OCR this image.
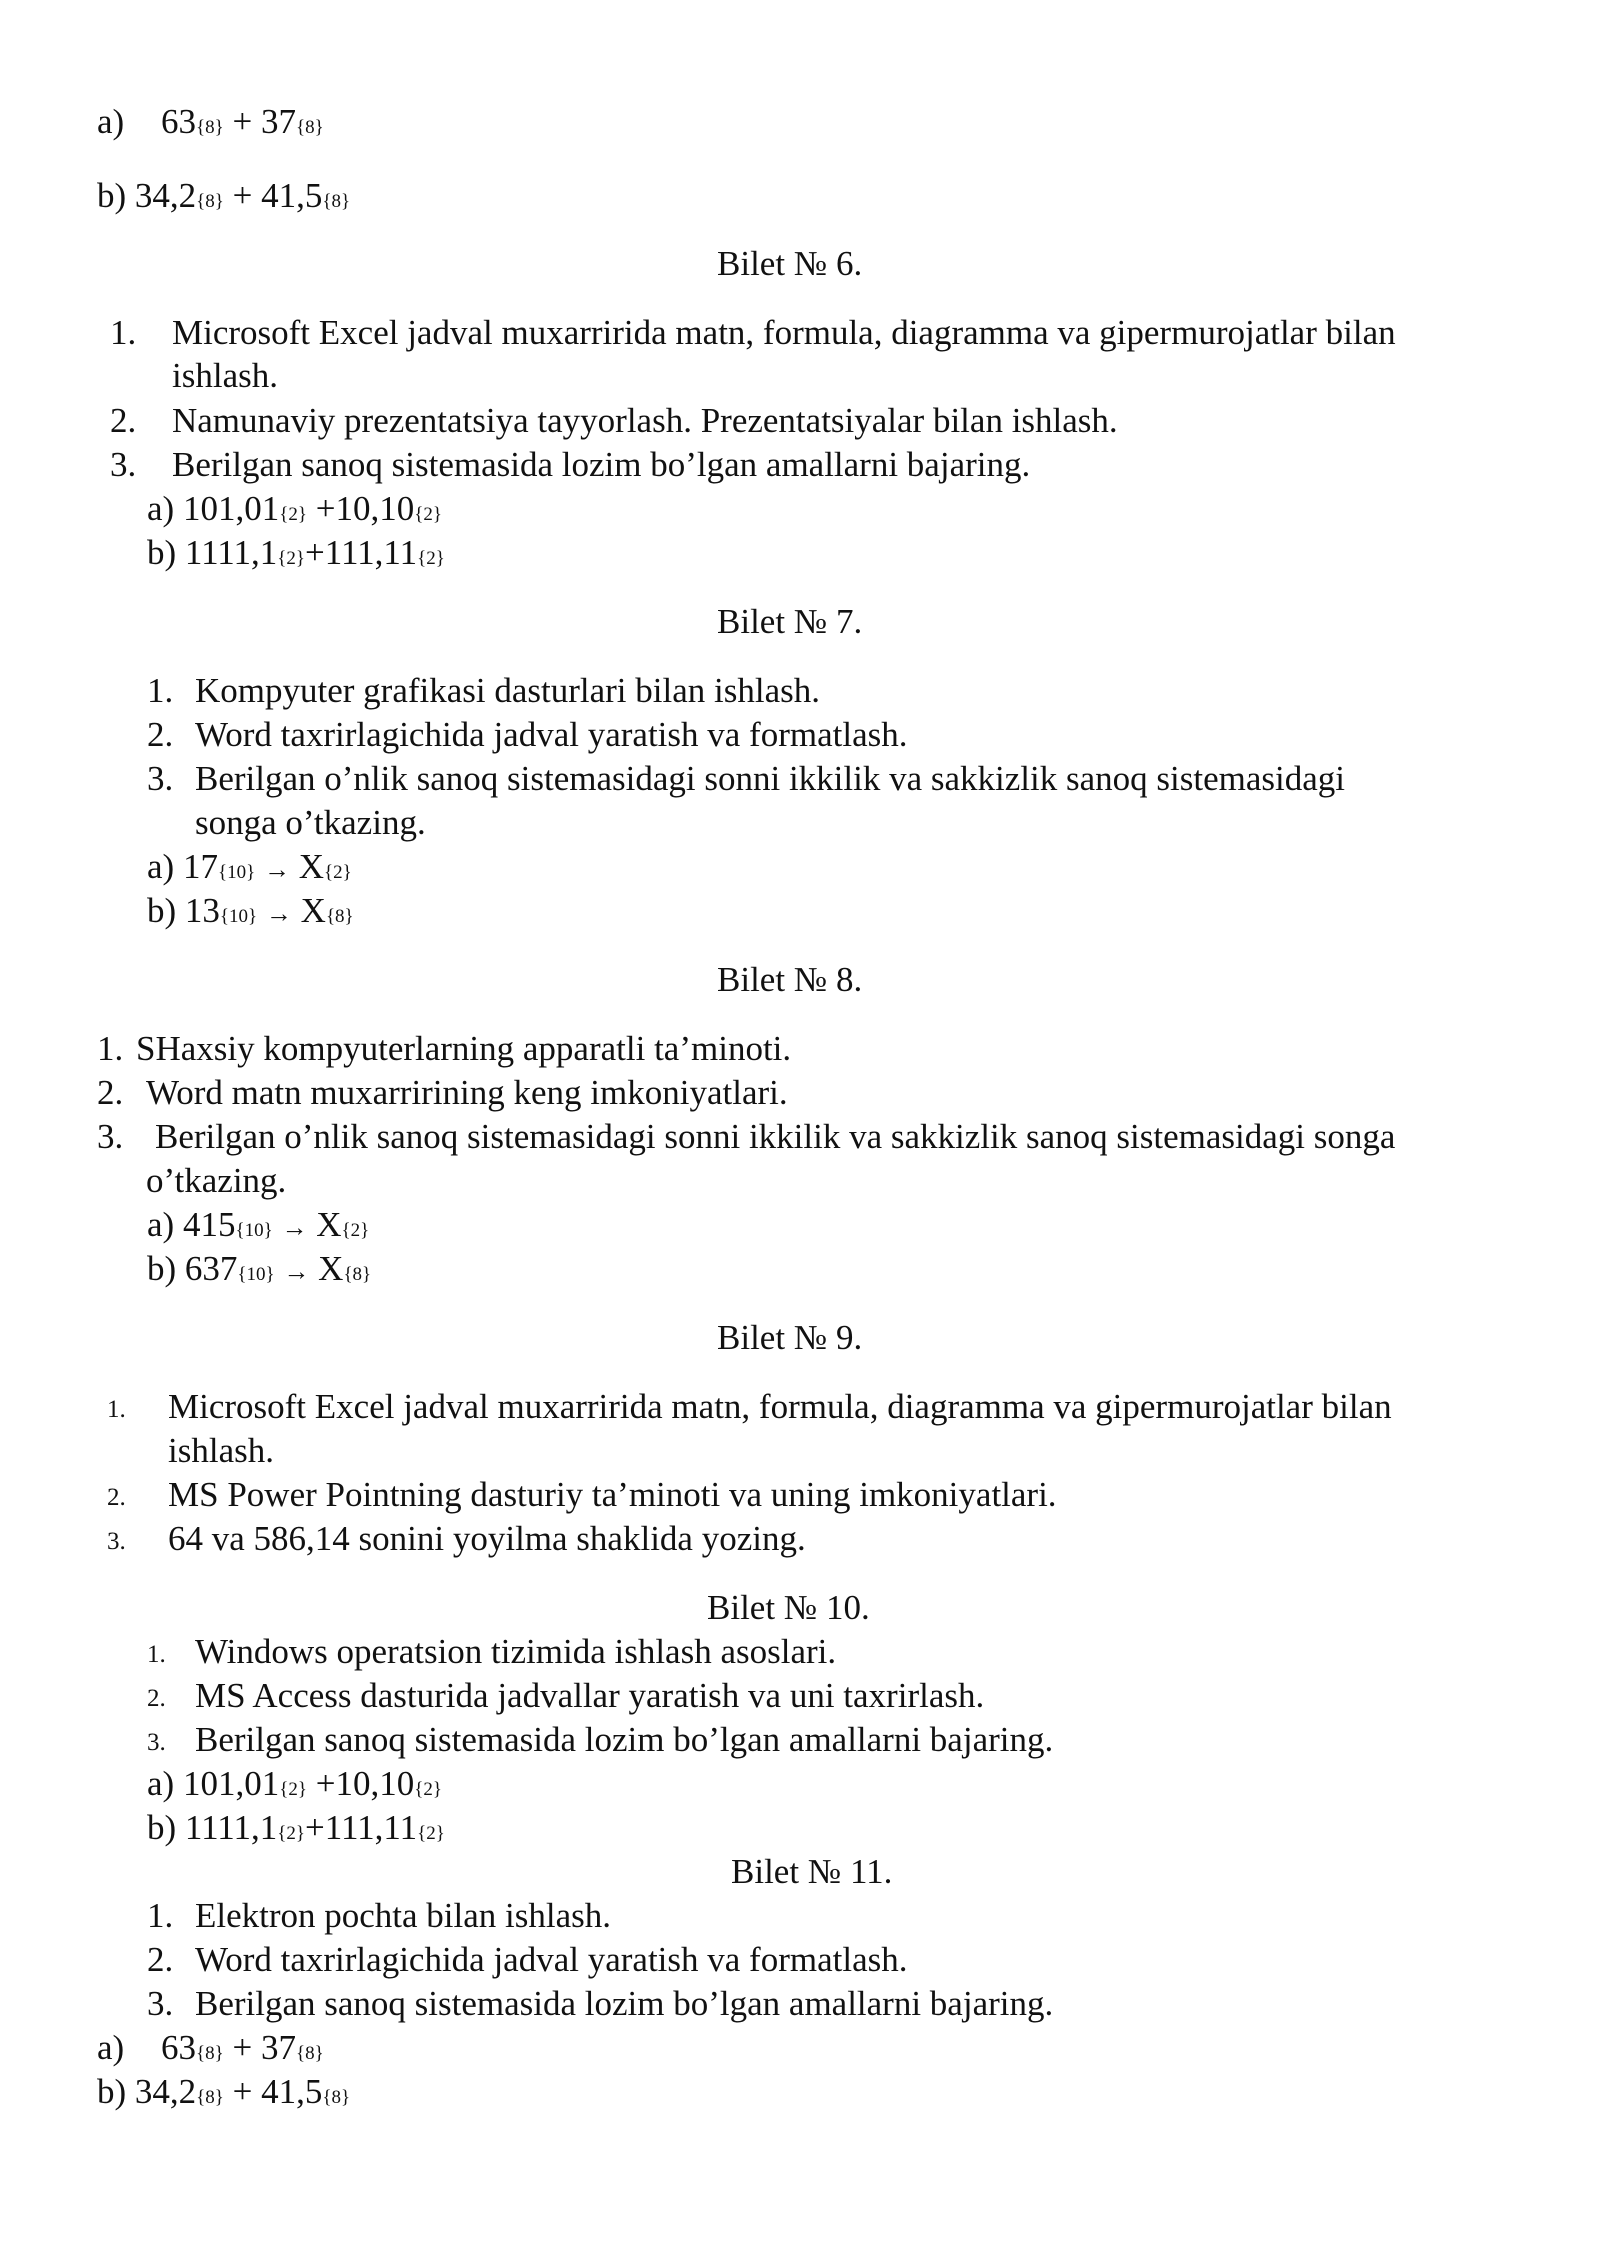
a) 63{8} + 37{8}
b) 34,2{8} + 41,5{8}
Bilet № 6.
1. Microsoft Excel jadval muxarririda matn, formula, diagramma va gipermurojatlar bilan
ishlash.
2. Namunaviy prezentatsiya tayyorlash. Prezentatsiyalar bilan ishlash.
3. Berilgan sanoq sistemasida lozim bo’lgan amallarni bajaring.
a) 101,01{2} +10,10{2}
b) 1111,1{2}+111,11{2}
Bilet № 7.
1. Kompyuter grafikasi dasturlari bilan ishlash.
2. Word taxrirlagichida jadval yaratish va formatlash.
3. Berilgan o’nlik sanoq sistemasidagi sonni ikkilik va sakkizlik sanoq sistemasidagi
songa o’tkazing.
a) 17{10} → X{2}
b) 13{10} → X{8}
Bilet № 8.
1. SHaxsiy kompyuterlarning apparatli ta’minoti.
2. Word matn muxarririning keng imkoniyatlari.
3. Berilgan o’nlik sanoq sistemasidagi sonni ikkilik va sakkizlik sanoq sistemasidagi songa
o’tkazing.
a) 415{10} → X{2}
b) 637{10} → X{8}
Bilet № 9.
1. Microsoft Excel jadval muxarririda matn, formula, diagramma va gipermurojatlar bilan
ishlash.
2. MS Power Pointning dasturiy ta’minoti va uning imkoniyatlari.
3. 64 va 586,14 sonini yoyilma shaklida yozing.
Bilet № 10.
1. Windows operatsion tizimida ishlash asoslari.
2. MS Access dasturida jadvallar yaratish va uni taxrirlash.
3. Berilgan sanoq sistemasida lozim bo’lgan amallarni bajaring.
a) 101,01{2} +10,10{2}
b) 1111,1{2}+111,11{2}
Bilet № 11.
1. Elektron pochta bilan ishlash.
2. Word taxrirlagichida jadval yaratish va formatlash.
3. Berilgan sanoq sistemasida lozim bo’lgan amallarni bajaring.
a) 63{8} + 37{8}
b) 34,2{8} + 41,5{8}
